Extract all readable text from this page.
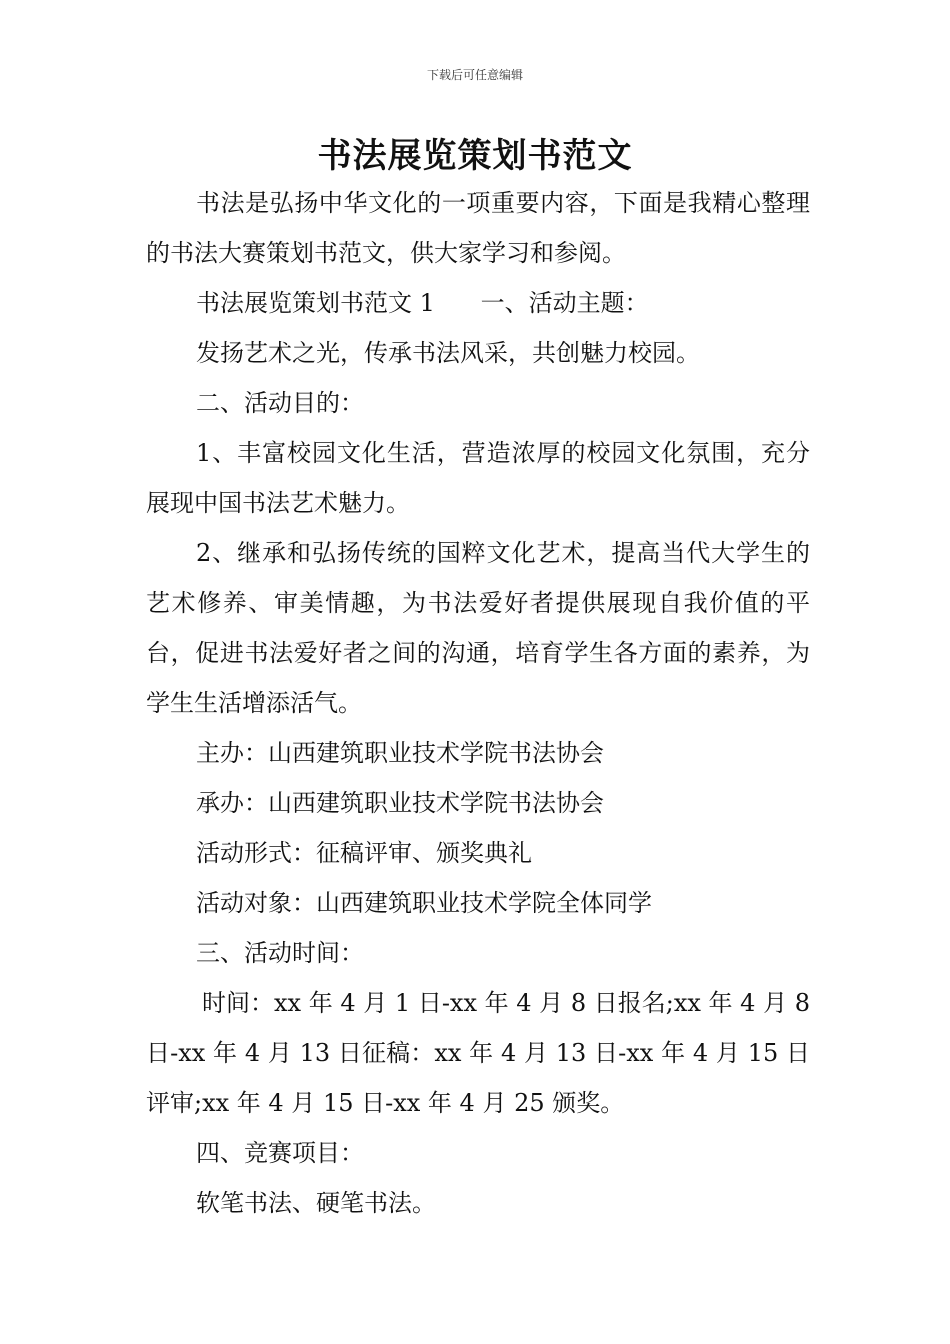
下载后可任意编辑
书法展览策划书范文

书法是弘扬中华文化的一项重要内容，下面是我精心整理的书法大赛策划书范文，供大家学习和参阅。

书法展览策划书范文 1      一、活动主题：

发扬艺术之光，传承书法风采，共创魅力校园。

二、活动目的：

1、丰富校园文化生活，营造浓厚的校园文化氛围，充分展现中国书法艺术魅力。

2、继承和弘扬传统的国粹文化艺术，提高当代大学生的艺术修养、审美情趣，为书法爱好者提供展现自我价值的平台，促进书法爱好者之间的沟通，培育学生各方面的素养，为学生生活增添活气。

主办：山西建筑职业技术学院书法协会

承办：山西建筑职业技术学院书法协会

活动形式：征稿评审、颁奖典礼

活动对象：山西建筑职业技术学院全体同学

三、活动时间：

时间：xx 年 4 月 1 日-xx 年 4 月 8 日报名;xx 年 4 月 8 日-xx 年 4 月 13 日征稿：xx 年 4 月 13 日-xx 年 4 月 15 日评审;xx 年 4 月 15 日-xx 年 4 月 25 颁奖。

四、竞赛项目：

软笔书法、硬笔书法。
